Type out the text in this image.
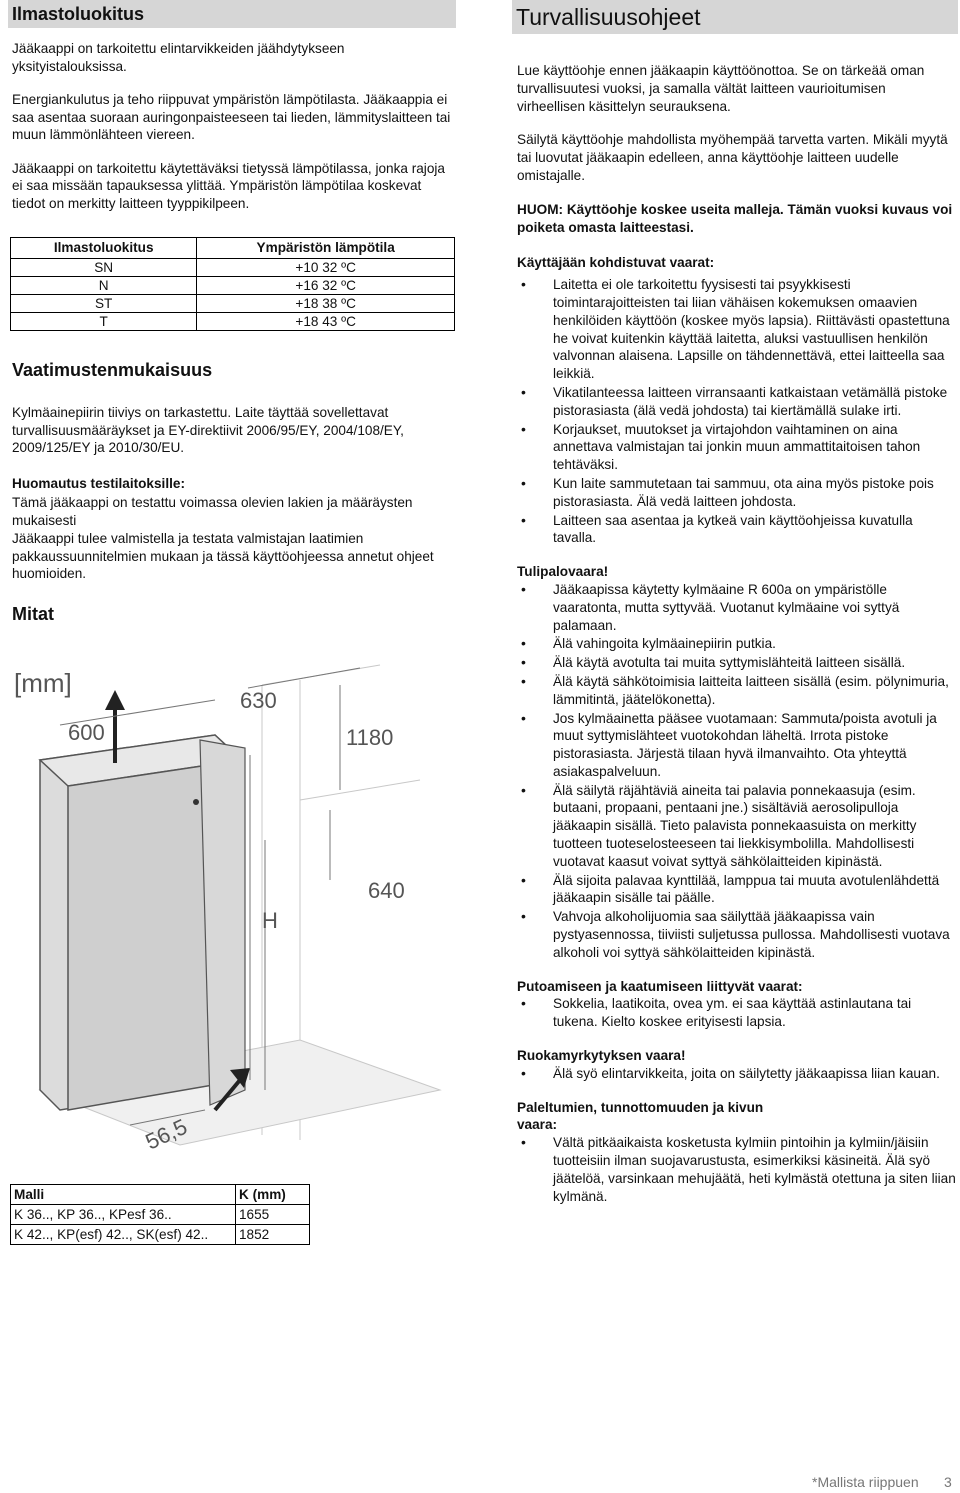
Ilmastoluokitus

Jääkaappi on tarkoitettu elintarvikkeiden jäähdytykseen yksityistalouksissa.

Energiankulutus ja teho riippuvat ympäristön lämpötilasta. Jääkaappia ei saa asentaa suoraan auringonpaisteeseen tai lieden, lämmityslaitteen tai muun lämmönlähteen viereen.

Jääkaappi on tarkoitettu käytettäväksi tietyssä lämpötilassa, jonka rajoja ei saa missään tapauksessa ylittää. Ympäristön lämpötilaa koskevat tiedot on merkitty laitteen tyyppikilpeen.

Ilmastoluokitus	Ympäristön lämpötila
SN	+10 32 ºC
N	+16 32 ºC
ST	+18 38 ºC
T	+18 43 ºC
Vaatimustenmukaisuus

Kylmäainepiirin tiiviys on tarkastettu. Laite täyttää sovellettavat turvallisuusmääräykset ja EY-direktiivit 2006/95/EY, 2004/108/EY, 2009/125/EY ja 2010/30/EU.

Huomautus testilaitoksille:

Tämä jääkaappi on testattu voimassa olevien lakien ja määräysten mukaisesti

Jääkaappi tulee valmistella ja testata valmistajan laatimien pakkaussuunnitelmien mukaan ja tässä käyttöohjeessa annetut ohjeet huomioiden.

Mitat
[mm]
600
630
1180
640
H
56,5
Malli	K (mm)
K 36.., KP 36.., KPesf 36..	1655
K 42.., KP(esf) 42.., SK(esf) 42..	1852
Turvallisuusohjeet

Lue käyttöohje ennen jääkaapin käyttöönottoa. Se on tärkeää oman turvallisuutesi vuoksi, ja samalla vältät laitteen vaurioitumisen virheellisen käsittelyn seurauksena.

Säilytä käyttöohje mahdollista myöhempää tarvetta varten. Mikäli myytä tai luovutat jääkaapin edelleen, anna käyttöohje laitteen uudelle omistajalle.

HUOM: Käyttöohje koskee useita malleja. Tämän vuoksi kuvaus voi poiketa omasta laitteestasi.

Käyttäjään kohdistuvat vaarat:

• Laitetta ei ole tarkoitettu fyysisesti tai psyykkisesti toimintarajoitteisten tai liian vähäisen kokemuksen omaavien henkilöiden käyttöön (koskee myös lapsia). Riittävästi opastettuna he voivat kuitenkin käyttää laitetta, aluksi vastuullisen henkilön valvonnan alaisena. Lapsille on tähdennettävä, ettei laitteella saa leikkiä.
• Vikatilanteessa laitteen virransaanti katkaistaan vetämällä pistoke pistorasiasta (älä vedä johdosta) tai kiertämällä sulake irti.
• Korjaukset, muutokset ja virtajohdon vaihtaminen on aina annettava valmistajan tai jonkin muun ammattitaitoisen tahon tehtäväksi.
• Kun laite sammutetaan tai sammuu, ota aina myös pistoke pois pistorasiasta. Älä vedä laitteen johdosta.
• Laitteen saa asentaa ja kytkeä vain käyttöohjeissa kuvatulla tavalla.

Tulipalovaara!

• Jääkaapissa käytetty kylmäaine R 600a on ympäristölle vaaratonta, mutta syttyvää. Vuotanut kylmäaine voi syttyä palamaan.
• Älä vahingoita kylmäainepiirin putkia.
• Älä käytä avotulta tai muita syttymislähteitä laitteen sisällä.
• Älä käytä sähkötoimisia laitteita laitteen sisällä (esim. pölynimuria, lämmitintä, jäätelökonetta).
• Jos kylmäainetta pääsee vuotamaan: Sammuta/poista avotuli ja muut syttymislähteet vuotokohdan läheltä. Irrota pistoke pistorasiasta. Järjestä tilaan hyvä ilmanvaihto. Ota yhteyttä asiakaspalveluun.
• Älä säilytä räjähtäviä aineita tai palavia ponnekaasuja (esim. butaani, propaani, pentaani jne.) sisältäviä aerosolipulloja jääkaapin sisällä. Tieto palavista ponnekaasuista on merkitty tuotteen tuoteselosteeseen tai liekkisymbolilla. Mahdollisesti vuotavat kaasut voivat syttyä sähkölaitteiden kipinästä.
• Älä sijoita palavaa kynttilää, lamppua tai muuta avotulenlähdettä jääkaapin sisälle tai päälle.
• Vahvoja alkoholijuomia saa säilyttää jääkaapissa vain pystyasennossa, tiiviisti suljetussa pullossa. Mahdollisesti vuotava alkoholi voi syttyä sähkölaitteiden kipinästä.

Putoamiseen ja kaatumiseen liittyvät vaarat:

• Sokkelia, laatikoita, ovea ym. ei saa käyttää astinlautana tai tukena. Kielto koskee erityisesti lapsia.

Ruokamyrkytyksen vaara!

• Älä syö elintarvikkeita, joita on säilytetty jääkaapissa liian kauan.

Paleltumien, tunnottomuuden ja kivun vaara:

• Vältä pitkäaikaista kosketusta kylmiin pintoihin ja kylmiin/jäisiin tuotteisiin ilman suojavarustusta, esimerkiksi käsineitä. Älä syö jäätelöä, varsinkaan mehujäätä, heti kylmästä otettuna ja siten liian kylmänä.
*Mallista riippuen 3
